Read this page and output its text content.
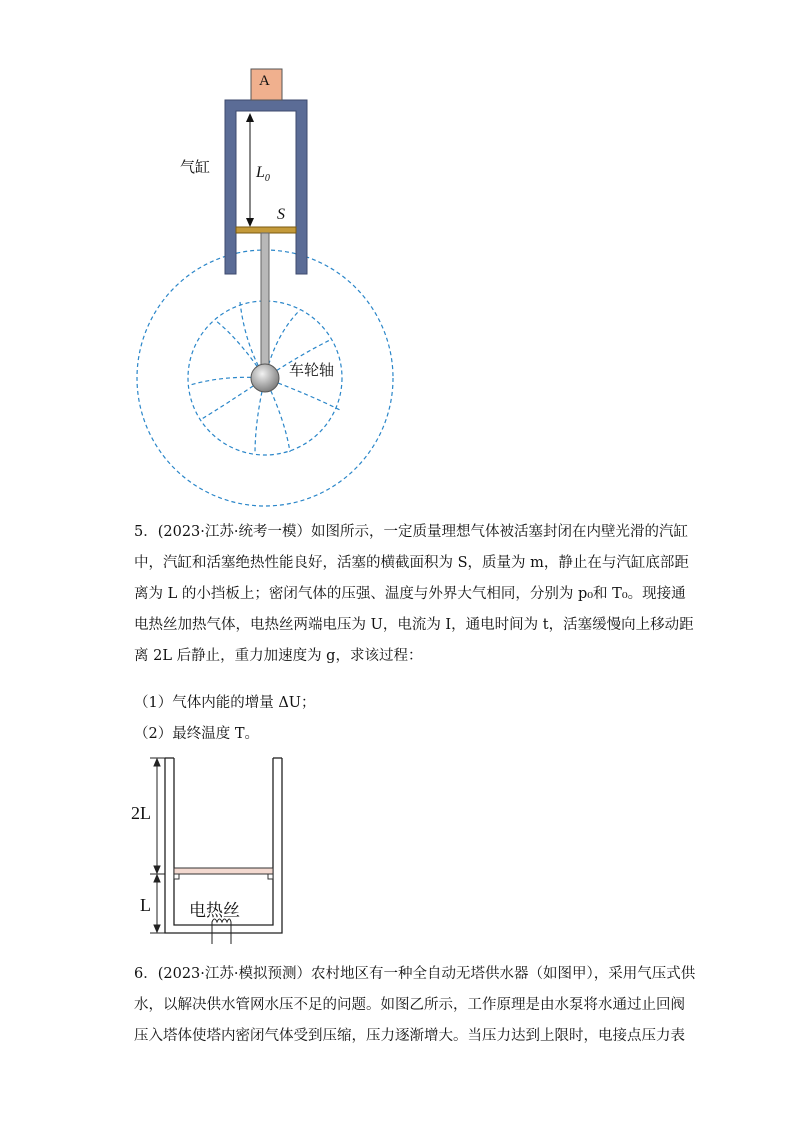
A
气缸	$L_0$
S
车轮轴
5．(2023·江苏·统考一模）如图所示，一定质量理想气体被活塞封闭在内壁光滑的汽缸
中，汽缸和活塞绝热性能良好，活塞的横截面积为 S，质量为 m，静止在与汽缸底部距
离为 L 的小挡板上；密闭气体的压强、温度与外界大气相同，分别为 p₀和 T₀。现接通
电热丝加热气体，电热丝两端电压为 U，电流为 I，通电时间为 t，活塞缓慢向上移动距
离 2L 后静止，重力加速度为 g，求该过程：
（1）气体内能的增量 ΔU；
（2）最终温度 T。
2L
L 电热丝
6．(2023·江苏·模拟预测）农村地区有一种全自动无塔供水器（如图甲），采用气压式供
水，以解决供水管网水压不足的问题。如图乙所示，工作原理是由水泵将水通过止回阀
压入塔体使塔内密闭气体受到压缩，压力逐渐增大。当压力达到上限时，电接点压力表
